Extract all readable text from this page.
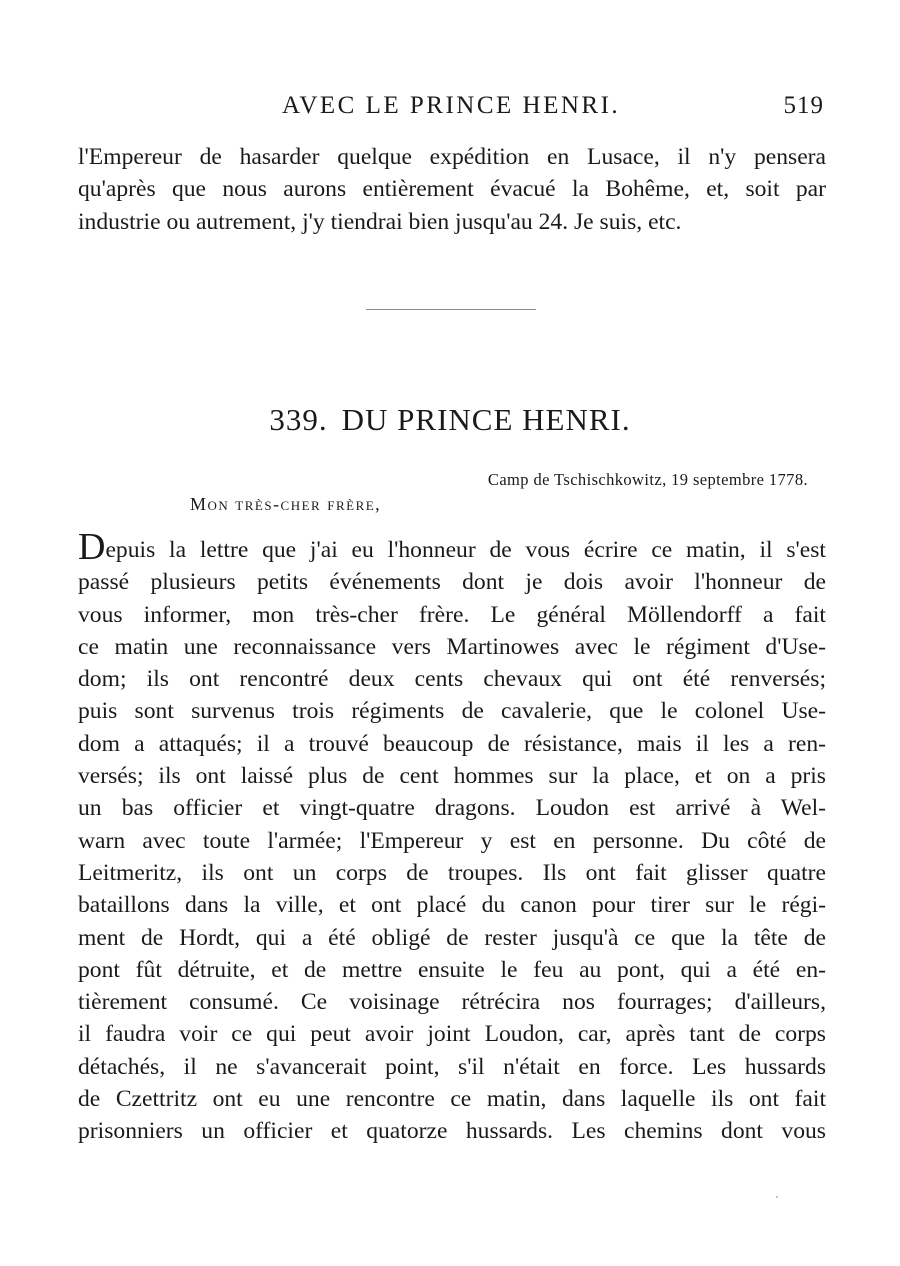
AVEC LE PRINCE HENRI.	519
l'Empereur de hasarder quelque expédition en Lusace, il n'y pensera
qu'après que nous aurons entièrement évacué la Bohême, et, soit par
industrie ou autrement, j'y tiendrai bien jusqu'au 24. Je suis, etc.
339. DU PRINCE HENRI.
Camp de Tschischkowitz, 19 septembre 1778.
Mon très-cher frère,
Depuis la lettre que j'ai eu l'honneur de vous écrire ce matin, il s'est
passé plusieurs petits événements dont je dois avoir l'honneur de
vous informer, mon très-cher frère. Le général Möllendorff a fait
ce matin une reconnaissance vers Martinowes avec le régiment d'Use-
dom; ils ont rencontré deux cents chevaux qui ont été renversés;
puis sont survenus trois régiments de cavalerie, que le colonel Use-
dom a attaqués; il a trouvé beaucoup de résistance, mais il les a ren-
versés; ils ont laissé plus de cent hommes sur la place, et on a pris
un bas officier et vingt-quatre dragons. Loudon est arrivé à Wel-
warn avec toute l'armée; l'Empereur y est en personne. Du côté de
Leitmeritz, ils ont un corps de troupes. Ils ont fait glisser quatre
bataillons dans la ville, et ont placé du canon pour tirer sur le régi-
ment de Hordt, qui a été obligé de rester jusqu'à ce que la tête de
pont fût détruite, et de mettre ensuite le feu au pont, qui a été en-
tièrement consumé. Ce voisinage rétrécira nos fourrages; d'ailleurs,
il faudra voir ce qui peut avoir joint Loudon, car, après tant de corps
détachés, il ne s'avancerait point, s'il n'était en force. Les hussards
de Czettritz ont eu une rencontre ce matin, dans laquelle ils ont fait
prisonniers un officier et quatorze hussards. Les chemins dont vous
